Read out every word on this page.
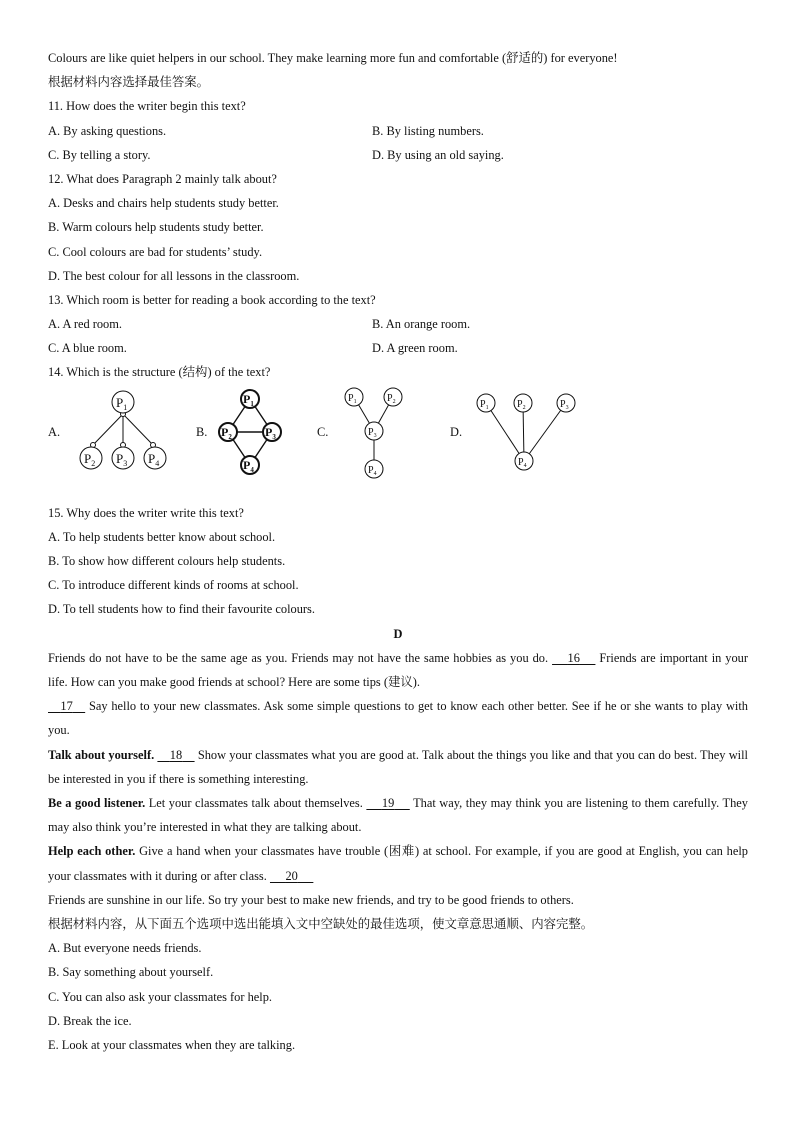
Colours are like quiet helpers in our school. They make learning more fun and comfortable (舒适的) for everyone!
根据材料内容选择最佳答案。
11. How does the writer begin this text?
A. By asking questions.	B. By listing numbers.
C. By telling a story.	D. By using an old saying.
12. What does Paragraph 2 mainly talk about?
A. Desks and chairs help students study better.
B. Warm colours help students study better.
C. Cool colours are bad for students’ study.
D. The best colour for all lessons in the classroom.
13. Which room is better for reading a book according to the text?
A. A red room.	B. An orange room.
C. A blue room.	D. A green room.
14. Which is the structure (结构) of the text?
A.	B.	C.	D.
$P_1$
$P_2$ $P_3$ $P_4$
$P_1$
$P_2$	$P_3$
$P_4$
$P_1$	$P_2$
$P_3$
$P_4$
$P_1$	$P_2$	$P_3$
$P_4$
15. Why does the writer write this text?
A. To help students better know about school.
B. To show how different colours help students.
C. To introduce different kinds of rooms at school.
D. To tell students how to find their favourite colours.
D
Friends do not have to be the same age as you. Friends may not have the same hobbies as you do. 16 Friends are important in your life. How can you make good friends at school? Here are some tips (建议).
17 Say hello to your new classmates. Ask some simple questions to get to know each other better. See if he or she wants to play with you.
Talk about yourself. 18 Show your classmates what you are good at. Talk about the things you like and that you can do best. They will be interested in you if there is something interesting.
Be a good listener. Let your classmates talk about themselves. 19 That way, they may think you are listening to them carefully. They may also think you’re interested in what they are talking about.
Help each other. Give a hand when your classmates have trouble (困难) at school. For example, if you are good at English, you can help your classmates with it during or after class. 20
Friends are sunshine in our life. So try your best to make new friends, and try to be good friends to others.
根据材料内容，从下面五个选项中选出能填入文中空缺处的最佳选项，使文章意思通顺、内容完整。
A. But everyone needs friends.
B. Say something about yourself.
C. You can also ask your classmates for help.
D. Break the ice.
E. Look at your classmates when they are talking.
